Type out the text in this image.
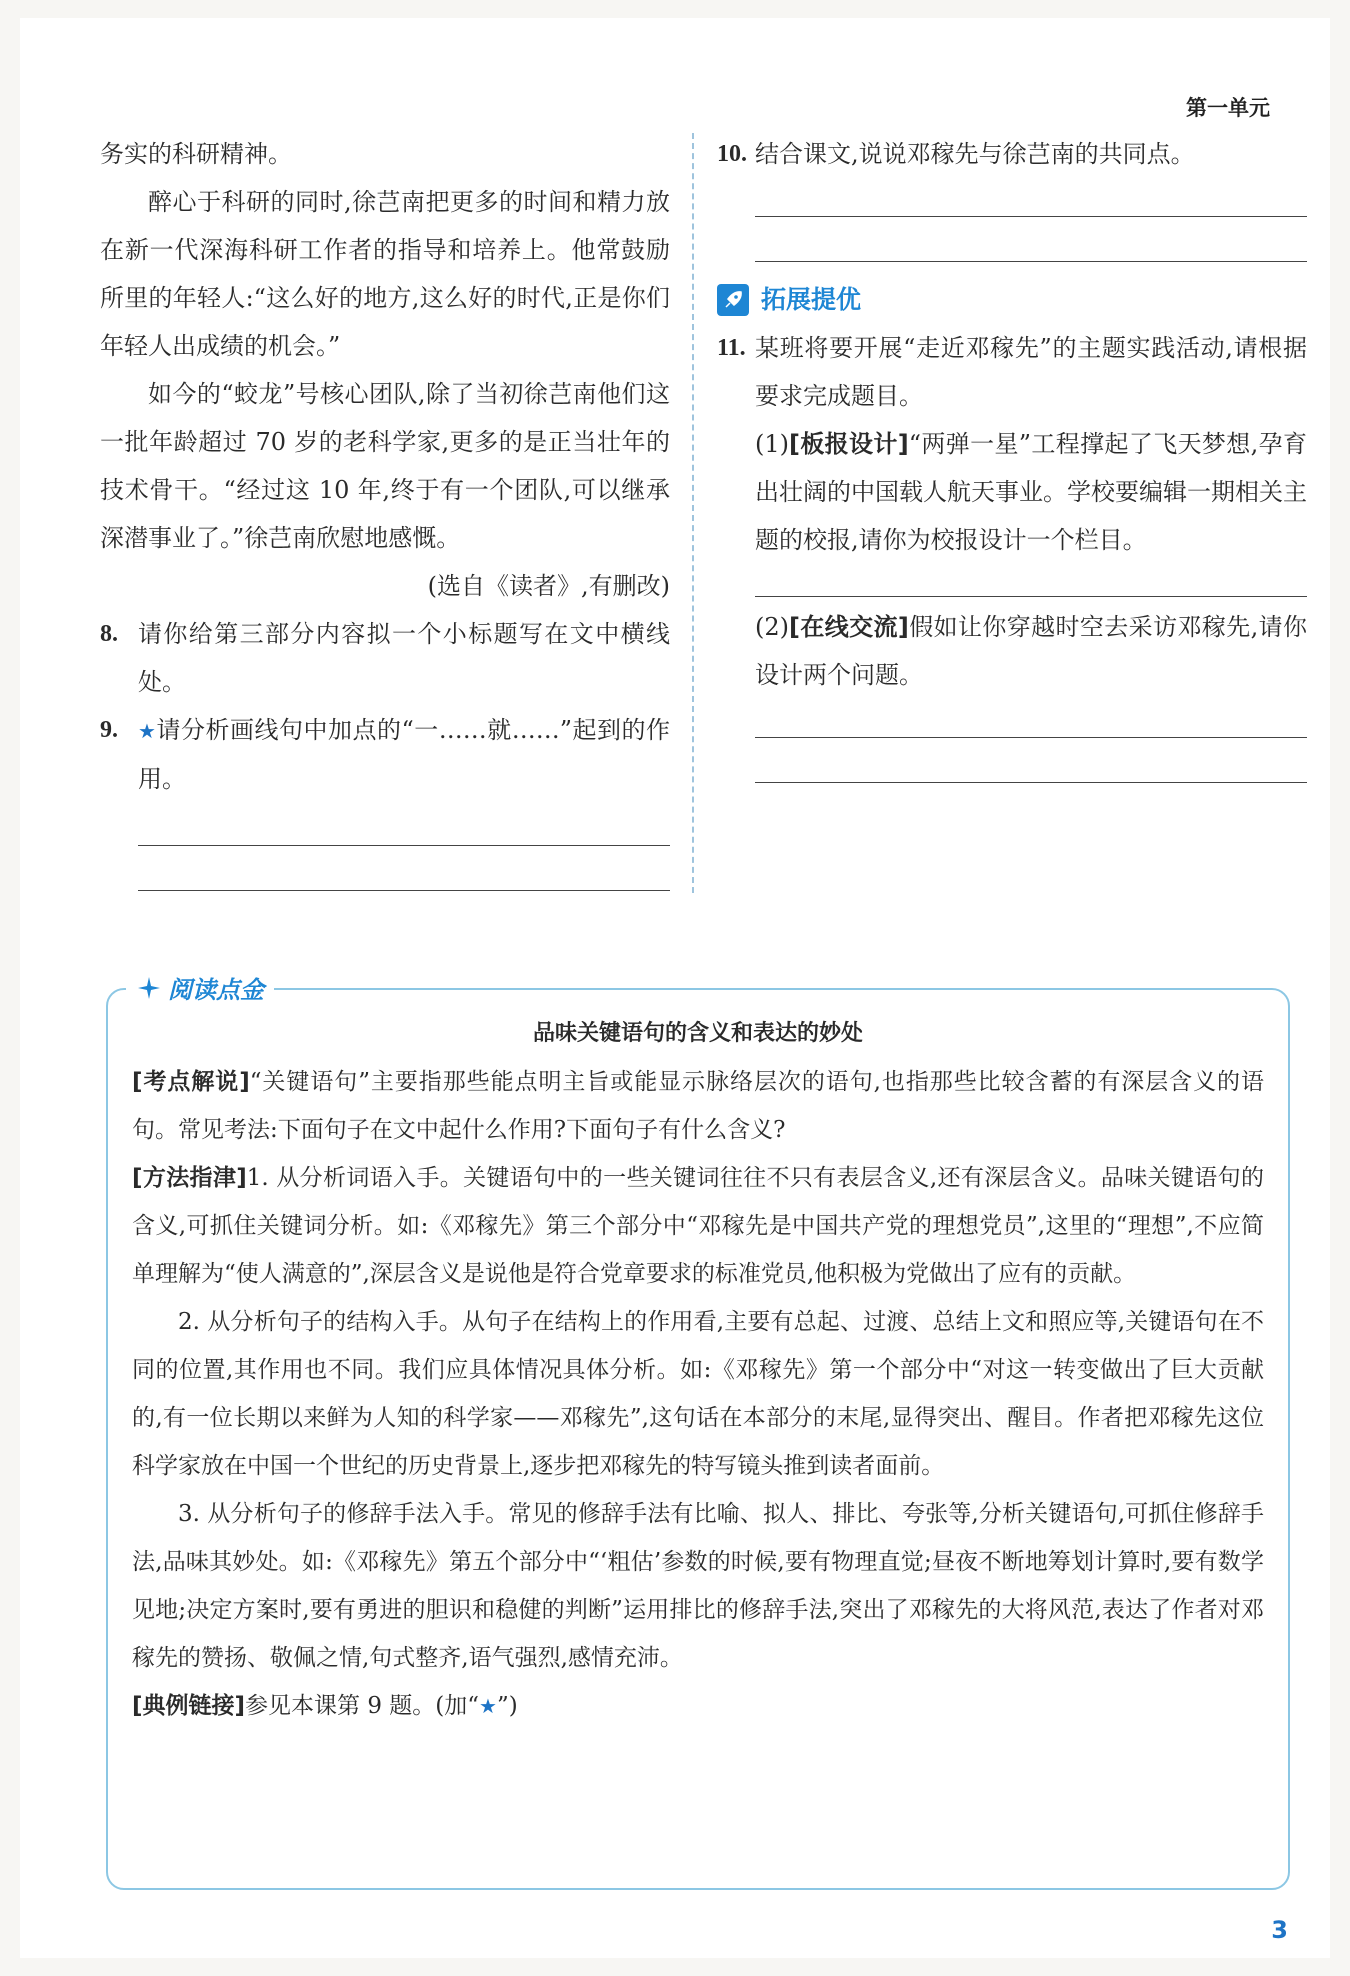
第一单元

务实的科研精神。

醉心于科研的同时,徐芑南把更多的时间和精力放在新一代深海科研工作者的指导和培养上。他常鼓励所里的年轻人:“这么好的地方,这么好的时代,正是你们年轻人出成绩的机会。”

如今的“蛟龙”号核心团队,除了当初徐芑南他们这一批年龄超过 70 岁的老科学家,更多的是正当壮年的技术骨干。“经过这 10 年,终于有一个团队,可以继承深潜事业了。”徐芑南欣慰地感慨。

(选自《读者》,有删改)
8. 请你给第三部分内容拟一个小标题写在文中横线处。
9.	★请分析画线句中加点的“一……就……”起到的作用。
10. 结合课文,说说邓稼先与徐芑南的共同点。
拓展提优
11. 某班将要开展“走近邓稼先”的主题实践活动,请根据要求完成题目。

(1)[板报设计]“两弹一星”工程撑起了飞天梦想,孕育出壮阔的中国载人航天事业。学校要编辑一期相关主题的校报,请你为校报设计一个栏目。

(2)[在线交流]假如让你穿越时空去采访邓稼先,请你设计两个问题。

阅读点金
品味关键语句的含义和表达的妙处

[考点解说]“关键语句”主要指那些能点明主旨或能显示脉络层次的语句,也指那些比较含蓄的有深层含义的语句。常见考法:下面句子在文中起什么作用?下面句子有什么含义?

[方法指津]1. 从分析词语入手。关键语句中的一些关键词往往不只有表层含义,还有深层含义。品味关键语句的含义,可抓住关键词分析。如:《邓稼先》第三个部分中“邓稼先是中国共产党的理想党员”,这里的“理想”,不应简单理解为“使人满意的”,深层含义是说他是符合党章要求的标准党员,他积极为党做出了应有的贡献。

2. 从分析句子的结构入手。从句子在结构上的作用看,主要有总起、过渡、总结上文和照应等,关键语句在不同的位置,其作用也不同。我们应具体情况具体分析。如:《邓稼先》第一个部分中“对这一转变做出了巨大贡献的,有一位长期以来鲜为人知的科学家——邓稼先”,这句话在本部分的末尾,显得突出、醒目。作者把邓稼先这位科学家放在中国一个世纪的历史背景上,逐步把邓稼先的特写镜头推到读者面前。

3. 从分析句子的修辞手法入手。常见的修辞手法有比喻、拟人、排比、夸张等,分析关键语句,可抓住修辞手法,品味其妙处。如:《邓稼先》第五个部分中“‘粗估’参数的时候,要有物理直觉;昼夜不断地筹划计算时,要有数学见地;决定方案时,要有勇进的胆识和稳健的判断”运用排比的修辞手法,突出了邓稼先的大将风范,表达了作者对邓稼先的赞扬、敬佩之情,句式整齐,语气强烈,感情充沛。

[典例链接]参见本课第 9 题。(加“★”)

3
